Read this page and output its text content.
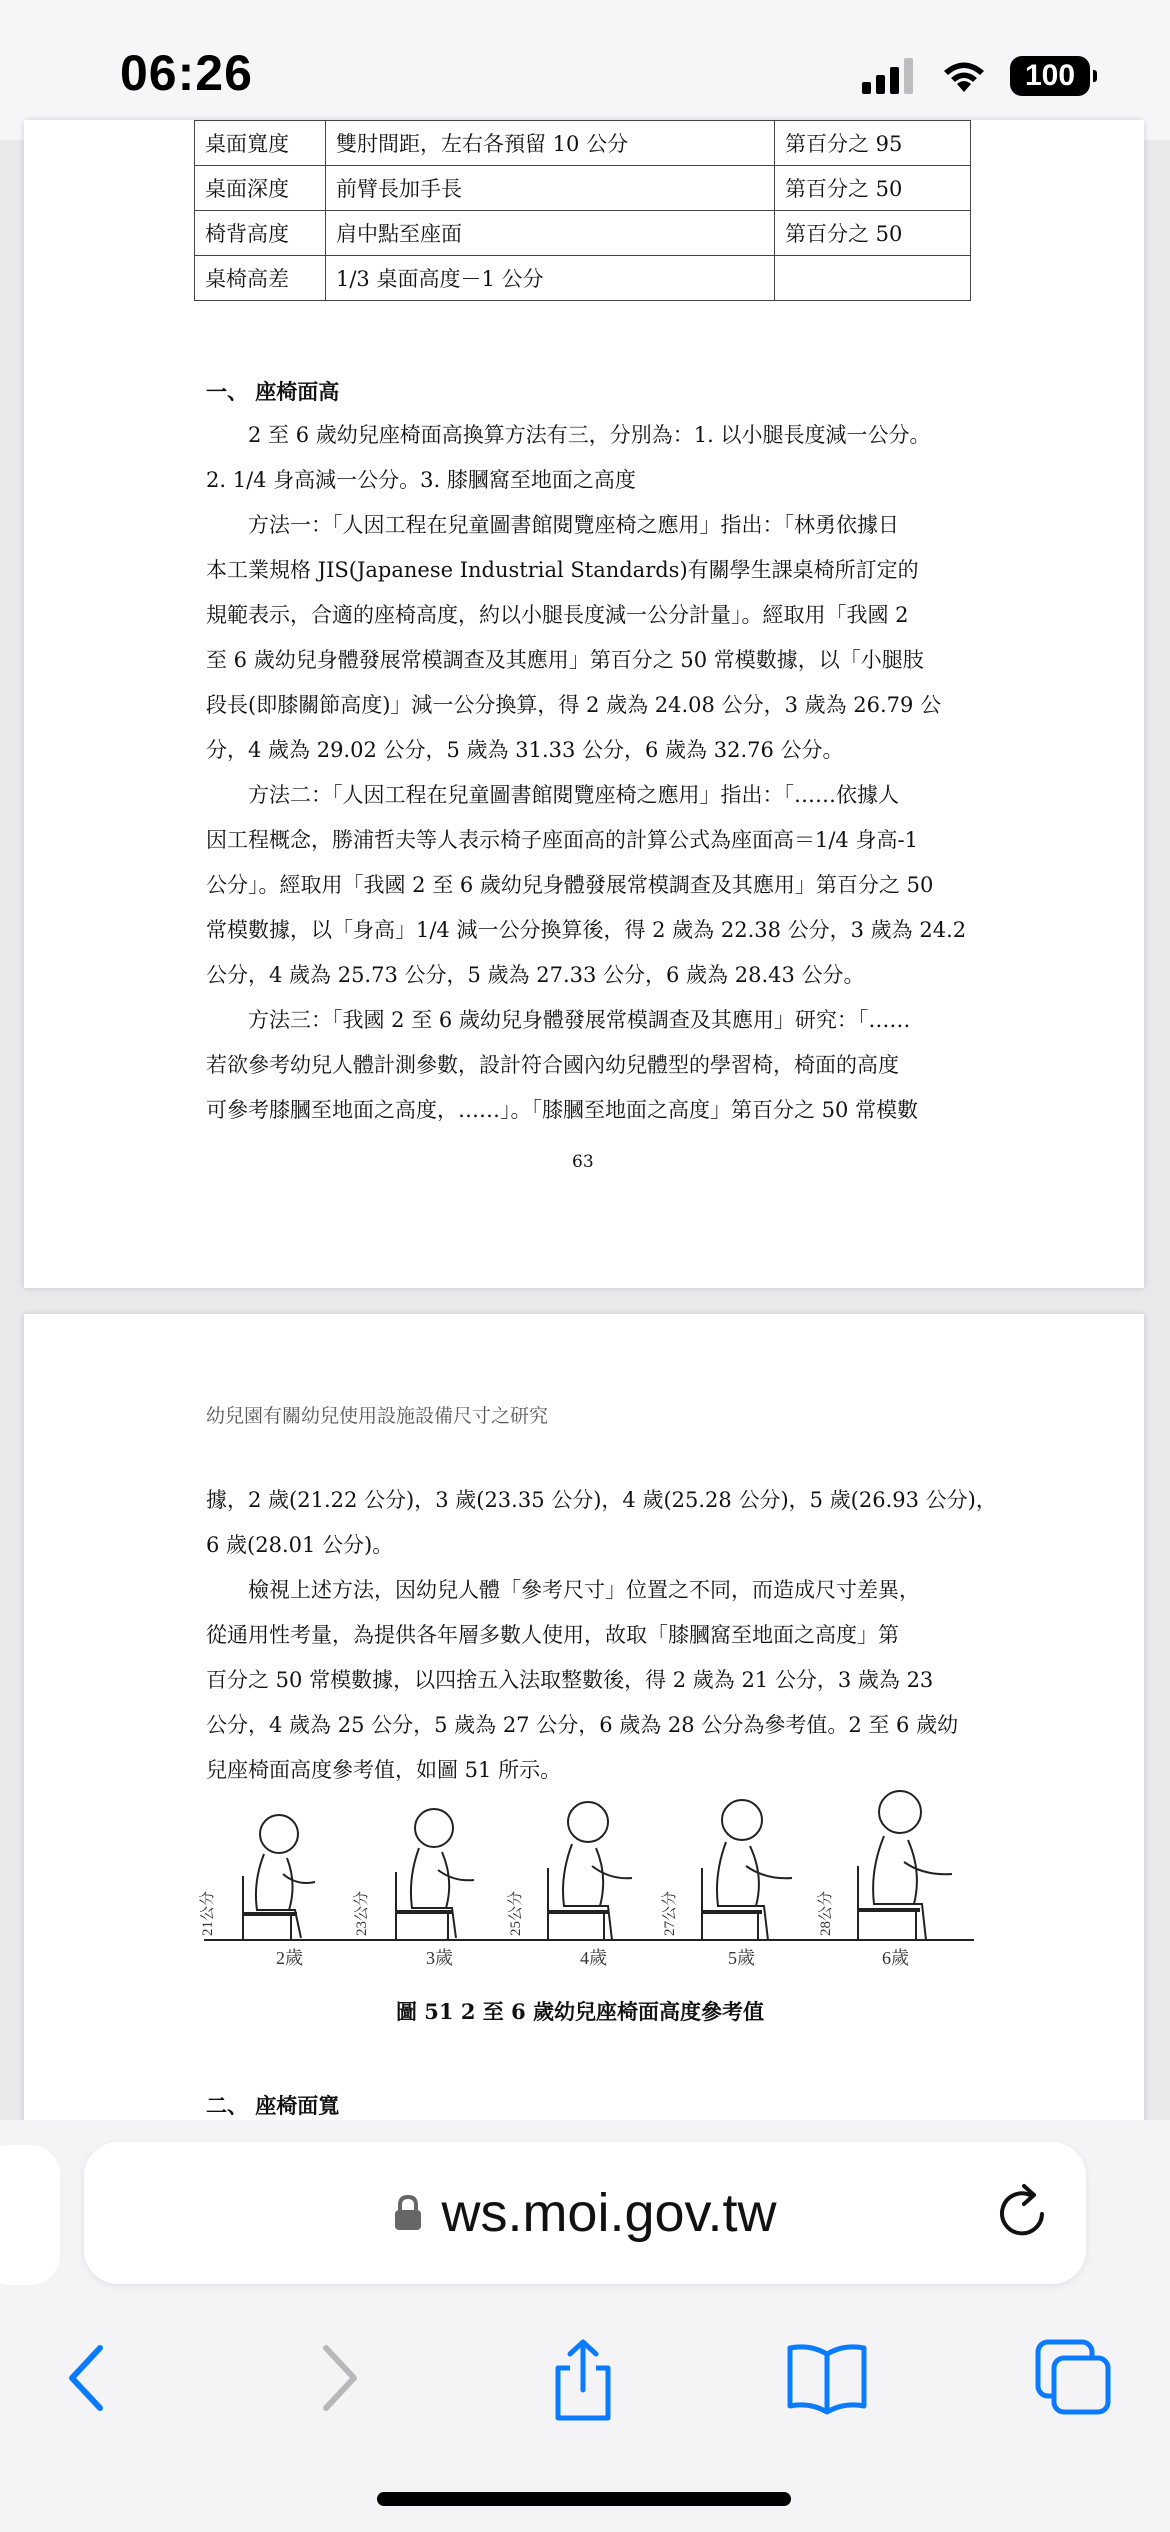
06:26	100
桌面寬度	雙肘間距，左右各預留 10 公分	第百分之 95
桌面深度	前臂長加手長	第百分之 50
椅背高度	肩中點至座面	第百分之 50
桌椅高差	1/3 桌面高度－1 公分	
一、 座椅面高
　　2 至 6 歲幼兒座椅面高換算方法有三，分別為：1. 以小腿長度減一公分。
2. 1/4 身高減一公分。3. 膝膕窩至地面之高度
　　方法一：「人因工程在兒童圖書館閱覽座椅之應用」指出：「林勇依據日
本工業規格 JIS(Japanese Industrial Standards)有關學生課桌椅所訂定的
規範表示，合適的座椅高度，約以小腿長度減一公分計量」。經取用「我國 2
至 6 歲幼兒身體發展常模調查及其應用」第百分之 50 常模數據，以「小腿肢
段長(即膝關節高度)」減一公分換算，得 2 歲為 24.08 公分，3 歲為 26.79 公
分，4 歲為 29.02 公分，5 歲為 31.33 公分，6 歲為 32.76 公分。
　　方法二：「人因工程在兒童圖書館閱覽座椅之應用」指出：「……依據人
因工程概念，勝浦哲夫等人表示椅子座面高的計算公式為座面高＝1/4 身高-1
公分」。經取用「我國 2 至 6 歲幼兒身體發展常模調查及其應用」第百分之 50
常模數據，以「身高」1/4 減一公分換算後，得 2 歲為 22.38 公分，3 歲為 24.2
公分，4 歲為 25.73 公分，5 歲為 27.33 公分，6 歲為 28.43 公分。
　　方法三：「我國 2 至 6 歲幼兒身體發展常模調查及其應用」研究：「……
若欲參考幼兒人體計測參數，設計符合國內幼兒體型的學習椅，椅面的高度
可參考膝膕至地面之高度，……」。「膝膕至地面之高度」第百分之 50 常模數
63
幼兒園有關幼兒使用設施設備尺寸之研究
據，2 歲(21.22 公分)，3 歲(23.35 公分)，4 歲(25.28 公分)，5 歲(26.93 公分)，
6 歲(28.01 公分)。
　　檢視上述方法，因幼兒人體「參考尺寸」位置之不同，而造成尺寸差異，
從通用性考量，為提供各年層多數人使用，故取「膝膕窩至地面之高度」第
百分之 50 常模數據，以四捨五入法取整數後，得 2 歲為 21 公分，3 歲為 23
公分，4 歲為 25 公分，5 歲為 27 公分，6 歲為 28 公分為參考值。2 至 6 歲幼
兒座椅面高度參考值，如圖 51 所示。
21公分	23公分	25公分	27公分	28公分
2歲	3歲	4歲	5歲	6歲
圖 51 2 至 6 歲幼兒座椅面高度參考值
二、 座椅面寬
ws.moi.gov.tw
